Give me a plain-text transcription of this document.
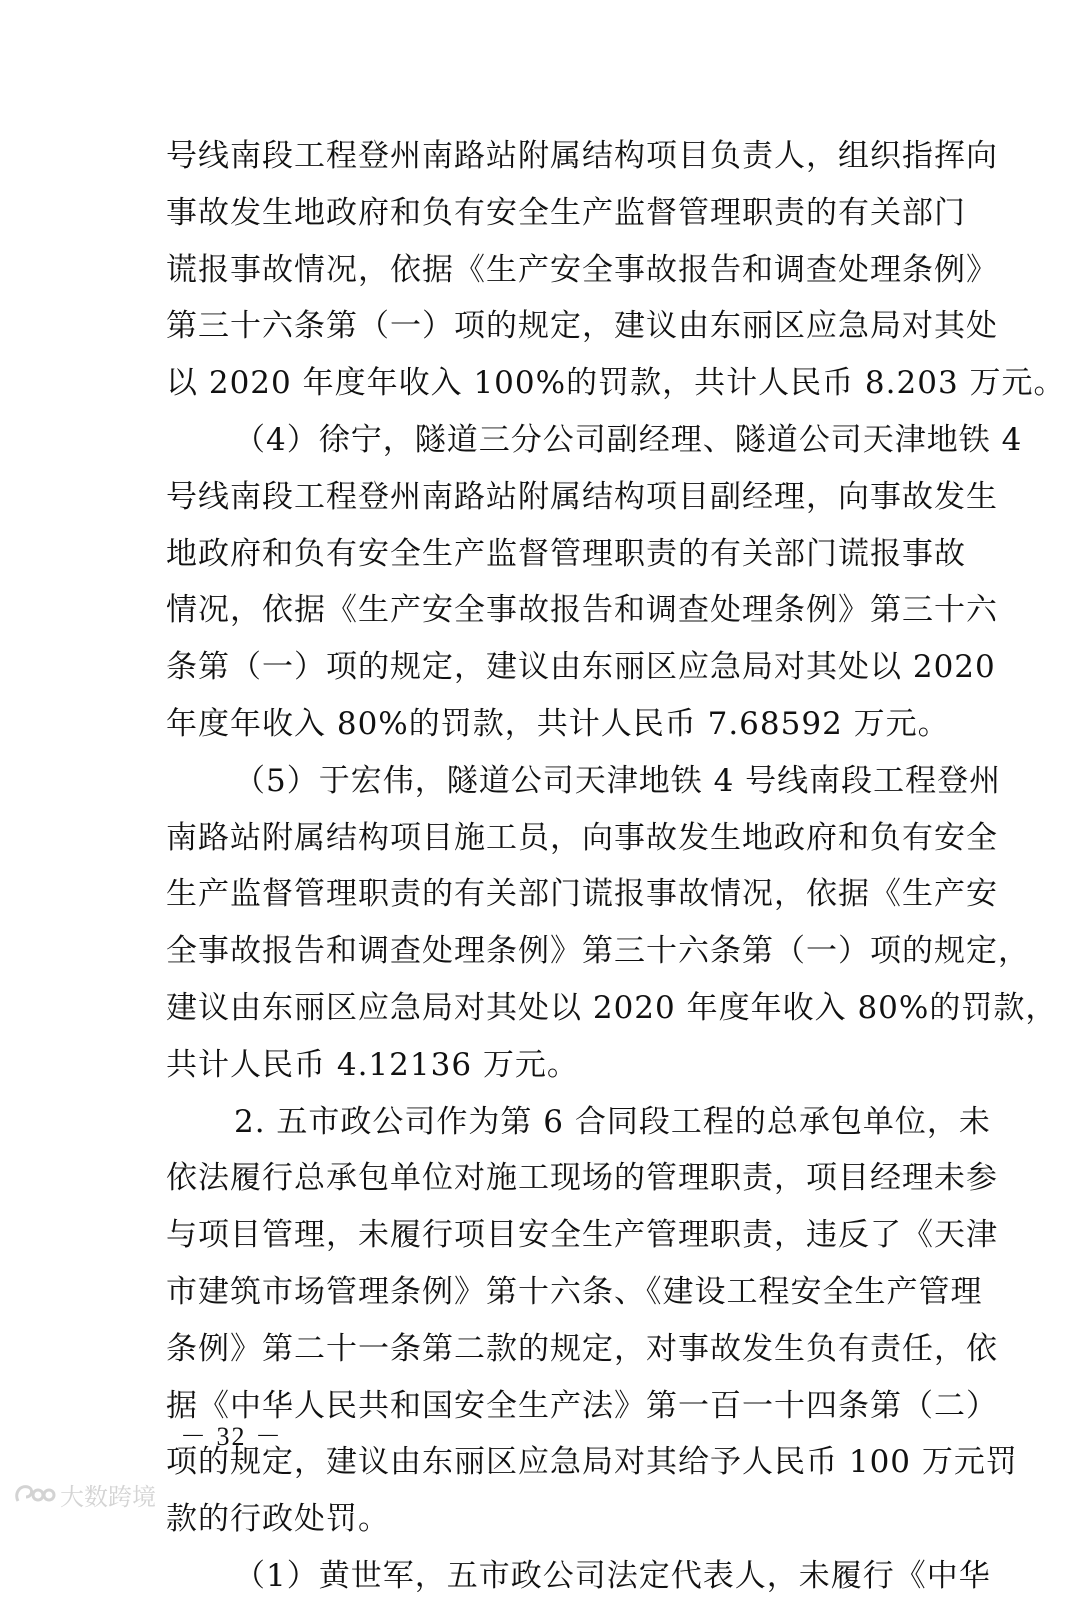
号线南段工程登州南路站附属结构项目负责人，组织指挥向
事故发生地政府和负有安全生产监督管理职责的有关部门
谎报事故情况，依据《生产安全事故报告和调查处理条例》
第三十六条第（一）项的规定，建议由东丽区应急局对其处
以 2020 年度年收入 100%的罚款，共计人民币 8.203 万元。
（4）徐宁，隧道三分公司副经理、隧道公司天津地铁 4
号线南段工程登州南路站附属结构项目副经理，向事故发生
地政府和负有安全生产监督管理职责的有关部门谎报事故
情况，依据《生产安全事故报告和调查处理条例》第三十六
条第（一）项的规定，建议由东丽区应急局对其处以 2020
年度年收入 80%的罚款，共计人民币 7.68592 万元。
（5）于宏伟，隧道公司天津地铁 4 号线南段工程登州
南路站附属结构项目施工员，向事故发生地政府和负有安全
生产监督管理职责的有关部门谎报事故情况，依据《生产安
全事故报告和调查处理条例》第三十六条第（一）项的规定，
建议由东丽区应急局对其处以 2020 年度年收入 80%的罚款，
共计人民币 4.12136 万元。
2. 五市政公司作为第 6 合同段工程的总承包单位，未
依法履行总承包单位对施工现场的管理职责，项目经理未参
与项目管理，未履行项目安全生产管理职责，违反了《天津
市建筑市场管理条例》第十六条、《建设工程安全生产管理
条例》第二十一条第二款的规定，对事故发生负有责任，依
据《中华人民共和国安全生产法》第一百一十四条第（二）
项的规定，建议由东丽区应急局对其给予人民币 100 万元罚
款的行政处罚。
（1）黄世军，五市政公司法定代表人，未履行《中华
－ 32 －
大数跨境
